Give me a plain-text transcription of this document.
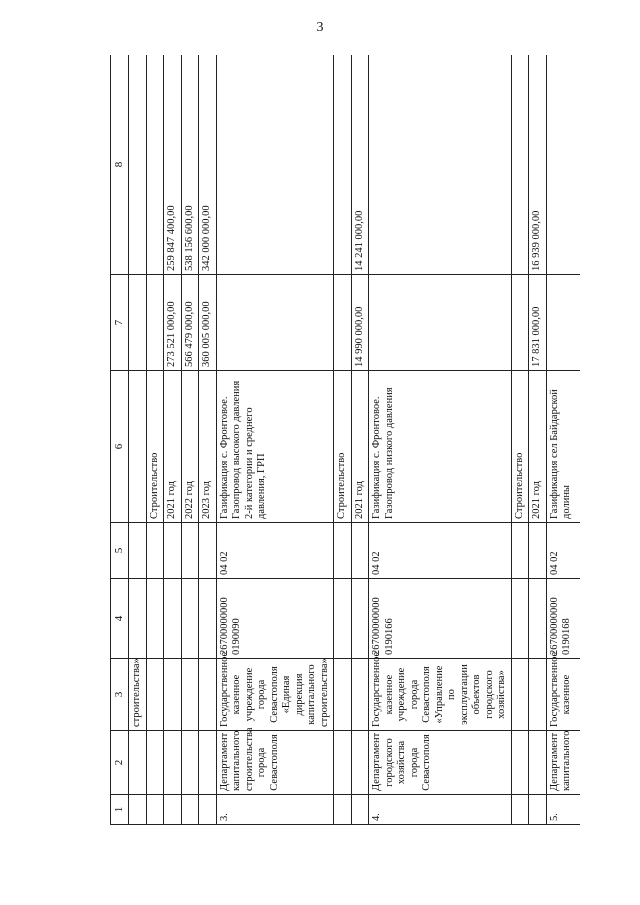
3
1	2	3	4	5	6	7	8
		строительства»					
					Строительство		
					2021 год	273 521 000,00	259 847 400,00
					2022 год	566 479 000,00	538 156 600,00
					2023 год	360 005 000,00	342 000 000,00
3.	Департамент капитального строительства города Севастополя	Государственное казенное учреждение города Севастополя «Единая дирекция капитального строительства»	26700000000 0190090	04 02	Газификация с. Фронтовое. Газопровод высокого давления 2-й категории и среднего давления, ГРП		
					Строительство		
					2021 год	14 990 000,00	14 241 000,00
4.	Департамент городского хозяйства города Севастополя	Государственное казенное учреждение города Севастополя «Управление по эксплуатации объектов городского хозяйства»	26700000000 0190166	04 02	Газификация с. Фронтовое. Газопровод низкого давления		
					Строительство		
					2021 год	17 831 000,00	16 939 000,00
5.	Департамент капитального	Государственное казенное	26700000000 0190168	04 02	Газификация сел Байдарской долины		
